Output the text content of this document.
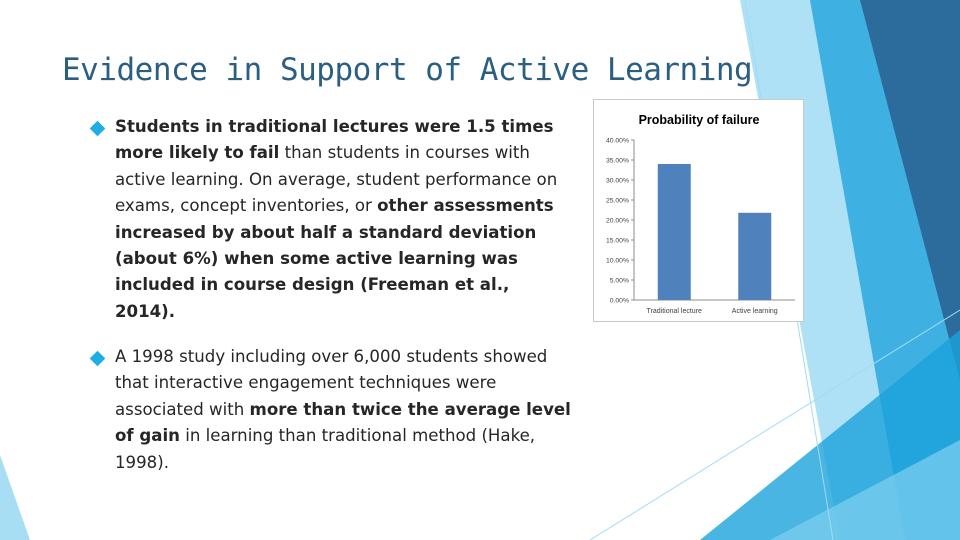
Evidence in Support of Active Learning
Students in traditional lectures were 1.5 times more likely to fail than students in courses with active learning. On average, student performance on exams, concept inventories, or other assessments increased by about half a standard deviation (about 6%) when some active learning was included in course design (Freeman et al., 2014).
A 1998 study including over 6,000 students showed that interactive engagement techniques were associated with more than twice the average level of gain in learning than traditional method (Hake, 1998).
Probability of failure
0.00%
5.00%
10.00%
15.00%
20.00%
25.00%
30.00%
35.00%
40.00%
Traditional lecture	Active learning
